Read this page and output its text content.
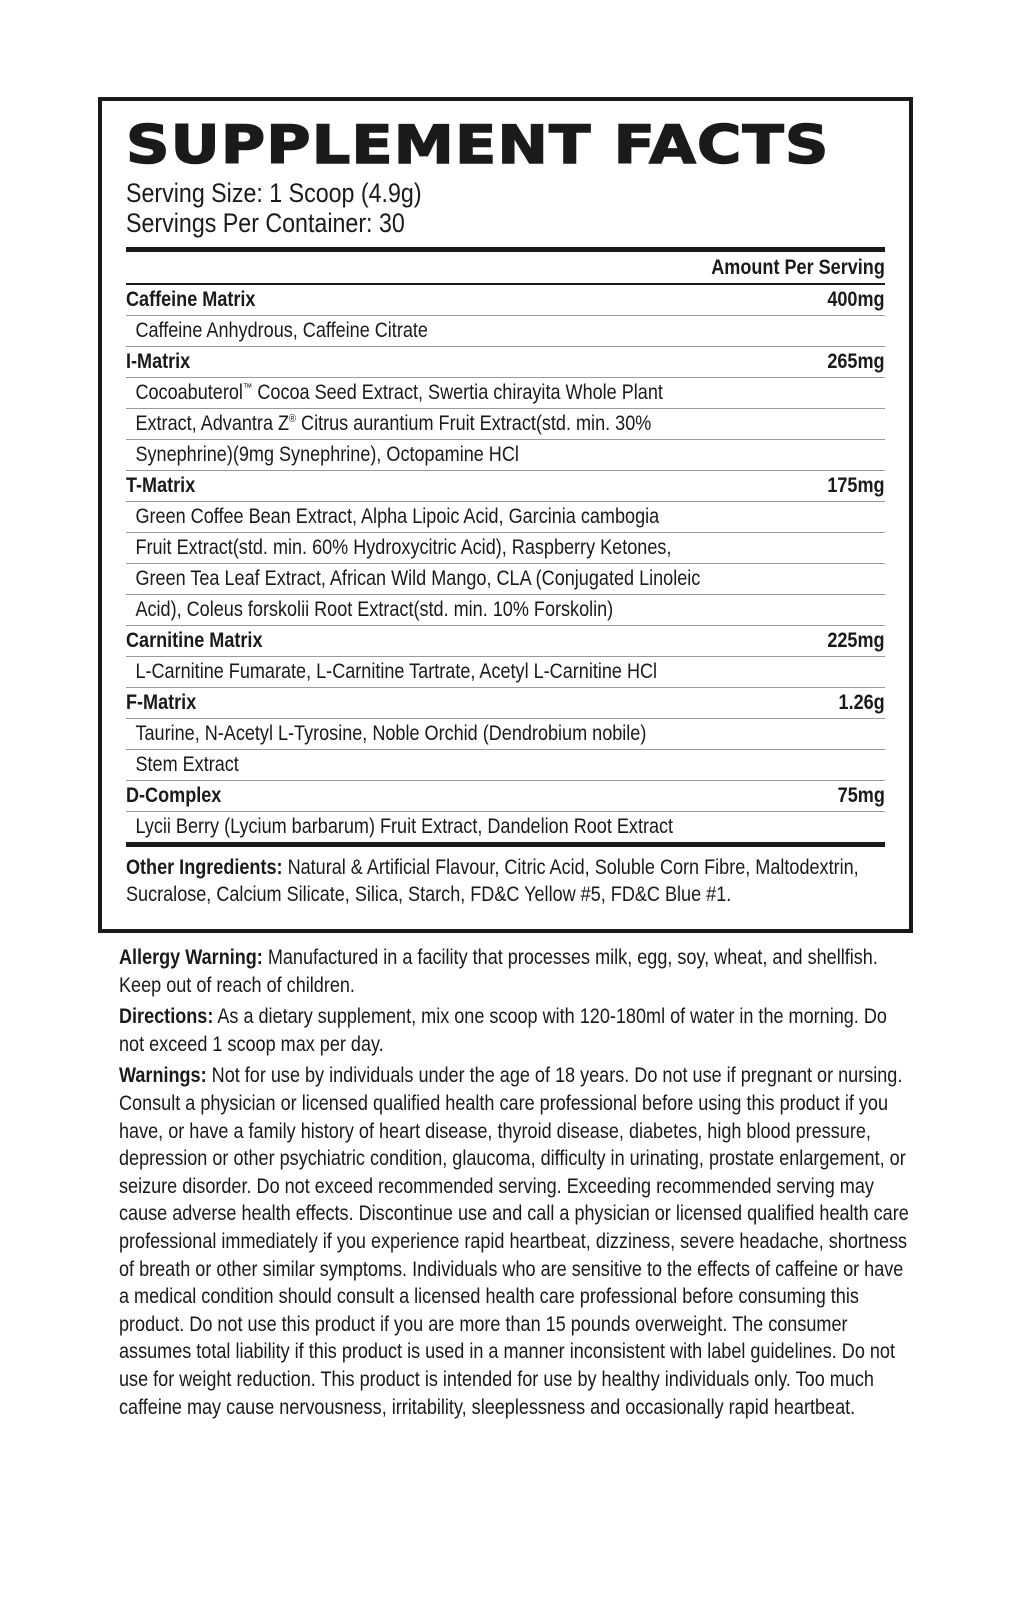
SUPPLEMENT FACTS
Serving Size: 1 Scoop (4.9g)
Servings Per Container: 30
Amount Per Serving
Caffeine Matrix	400mg
Caffeine Anhydrous, Caffeine Citrate
I-Matrix	265mg
Cocoabuterol™ Cocoa Seed Extract, Swertia chirayita Whole Plant
Extract, Advantra Z® Citrus aurantium Fruit Extract(std. min. 30%
Synephrine)(9mg Synephrine), Octopamine HCl
T-Matrix	175mg
Green Coffee Bean Extract, Alpha Lipoic Acid, Garcinia cambogia
Fruit Extract(std. min. 60% Hydroxycitric Acid), Raspberry Ketones,
Green Tea Leaf Extract, African Wild Mango, CLA (Conjugated Linoleic
Acid), Coleus forskolii Root Extract(std. min. 10% Forskolin)
Carnitine Matrix	225mg
L-Carnitine Fumarate, L-Carnitine Tartrate, Acetyl L-Carnitine HCl
F-Matrix	1.26g
Taurine, N-Acetyl L-Tyrosine, Noble Orchid (Dendrobium nobile)
Stem Extract
D-Complex	75mg
Lycii Berry (Lycium barbarum) Fruit Extract, Dandelion Root Extract
Other Ingredients: Natural & Artificial Flavour, Citric Acid, Soluble Corn Fibre, Maltodextrin, Sucralose, Calcium Silicate, Silica, Starch, FD&C Yellow #5, FD&C Blue #1.

Allergy Warning: Manufactured in a facility that processes milk, egg, soy, wheat, and shellfish. Keep out of reach of children.

Directions: As a dietary supplement, mix one scoop with 120-180ml of water in the morning. Do not exceed 1 scoop max per day.

Warnings: Not for use by individuals under the age of 18 years. Do not use if pregnant or nursing. Consult a physician or licensed qualified health care professional before using this product if you have, or have a family history of heart disease, thyroid disease, diabetes, high blood pressure, depression or other psychiatric condition, glaucoma, difficulty in urinating, prostate enlargement, or seizure disorder. Do not exceed recommended serving. Exceeding recommended serving may cause adverse health effects. Discontinue use and call a physician or licensed qualified health care professional immediately if you experience rapid heartbeat, dizziness, severe headache, shortness of breath or other similar symptoms. Individuals who are sensitive to the effects of caffeine or have a medical condition should consult a licensed health care professional before consuming this product. Do not use this product if you are more than 15 pounds overweight. The consumer assumes total liability if this product is used in a manner inconsistent with label guidelines. Do not use for weight reduction. This product is intended for use by healthy individuals only. Too much caffeine may cause nervousness, irritability, sleeplessness and occasionally rapid heartbeat.
